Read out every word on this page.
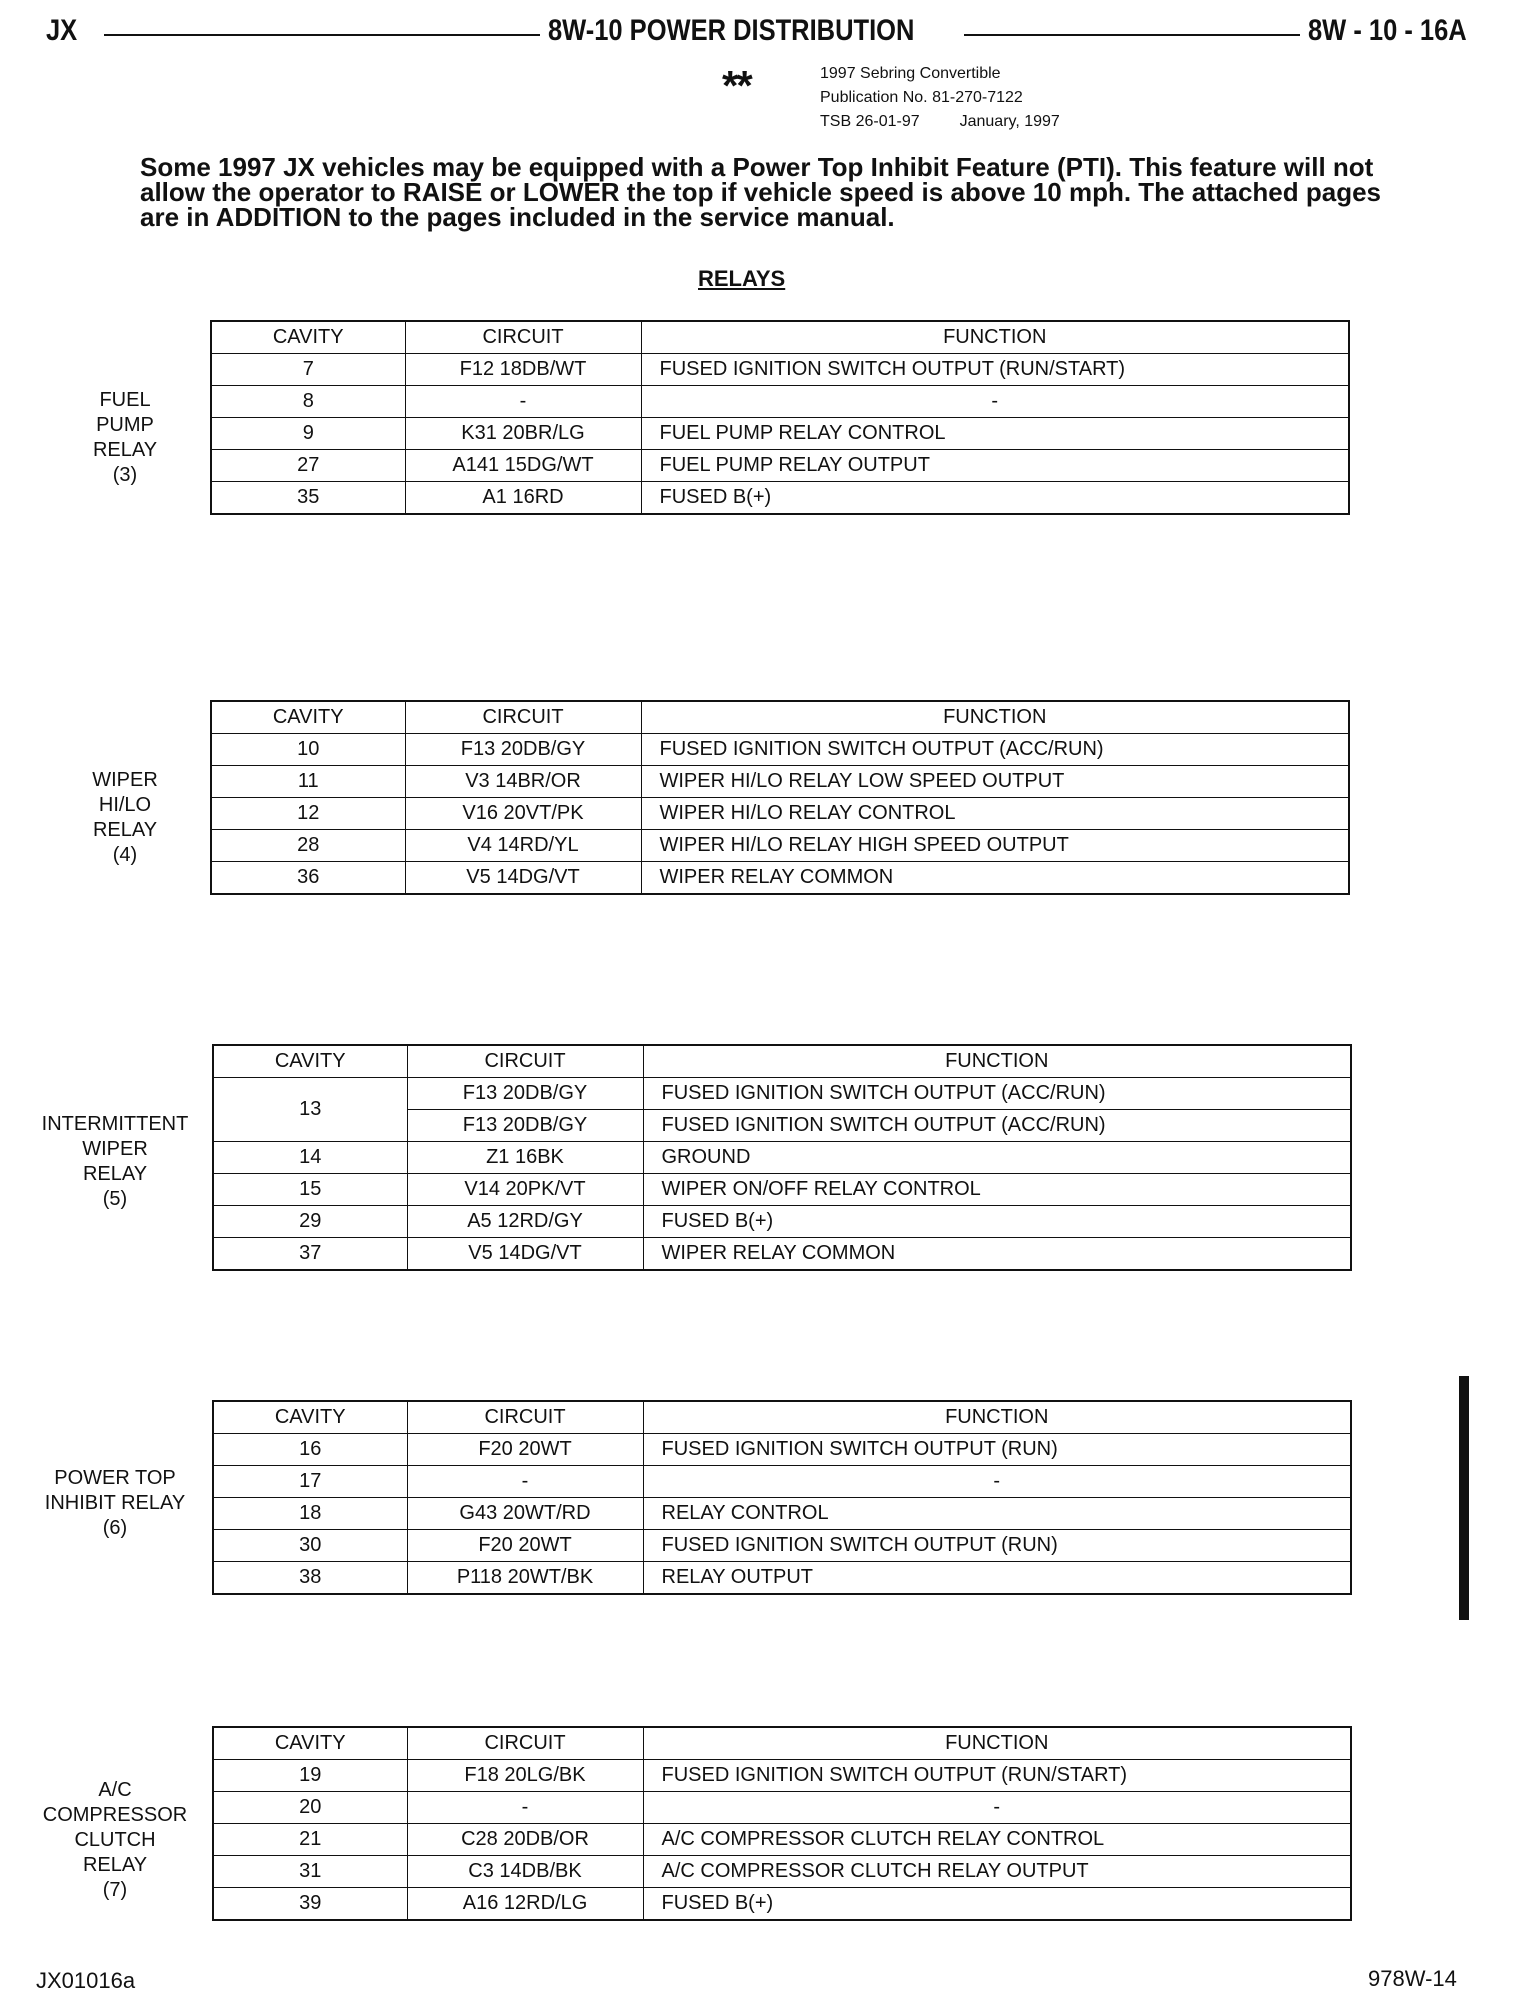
JX	8W-10 POWER DISTRIBUTION	8W - 10 - 16A
**	1997 Sebring Convertible
Publication No. 81-270-7122
TSB 26-01-97	January, 1997
Some 1997 JX vehicles may be equipped with a Power Top Inhibit Feature (PTI). This feature will not allow the operator to RAISE or LOWER the top if vehicle speed is above 10 mph. The attached pages are in ADDITION to the pages included in the service manual.
RELAYS
FUEL
PUMP
RELAY
(3)
CAVITY	CIRCUIT	FUNCTION
7	F12 18DB/WT	FUSED IGNITION SWITCH OUTPUT (RUN/START)
8	-	-
9	K31 20BR/LG	FUEL PUMP RELAY CONTROL
27	A141 15DG/WT	FUEL PUMP RELAY OUTPUT
35	A1 16RD	FUSED B(+)
WIPER
HI/LO
RELAY
(4)
CAVITY	CIRCUIT	FUNCTION
10	F13 20DB/GY	FUSED IGNITION SWITCH OUTPUT (ACC/RUN)
11	V3 14BR/OR	WIPER HI/LO RELAY LOW SPEED OUTPUT
12	V16 20VT/PK	WIPER HI/LO RELAY CONTROL
28	V4 14RD/YL	WIPER HI/LO RELAY HIGH SPEED OUTPUT
36	V5 14DG/VT	WIPER RELAY COMMON
INTERMITTENT
WIPER
RELAY
(5)
CAVITY	CIRCUIT	FUNCTION
13	F13 20DB/GY	FUSED IGNITION SWITCH OUTPUT (ACC/RUN)
	F13 20DB/GY	FUSED IGNITION SWITCH OUTPUT (ACC/RUN)
14	Z1 16BK	GROUND
15	V14 20PK/VT	WIPER ON/OFF RELAY CONTROL
29	A5 12RD/GY	FUSED B(+)
37	V5 14DG/VT	WIPER RELAY COMMON
POWER TOP
INHIBIT RELAY
(6)
CAVITY	CIRCUIT	FUNCTION
16	F20 20WT	FUSED IGNITION SWITCH OUTPUT (RUN)
17	-	-
18	G43 20WT/RD	RELAY CONTROL
30	F20 20WT	FUSED IGNITION SWITCH OUTPUT (RUN)
38	P118 20WT/BK	RELAY OUTPUT
A/C
COMPRESSOR
CLUTCH
RELAY
(7)
CAVITY	CIRCUIT	FUNCTION
19	F18 20LG/BK	FUSED IGNITION SWITCH OUTPUT (RUN/START)
20	-	-
21	C28 20DB/OR	A/C COMPRESSOR CLUTCH RELAY CONTROL
31	C3 14DB/BK	A/C COMPRESSOR CLUTCH RELAY OUTPUT
39	A16 12RD/LG	FUSED B(+)
JX01016a	978W-14
